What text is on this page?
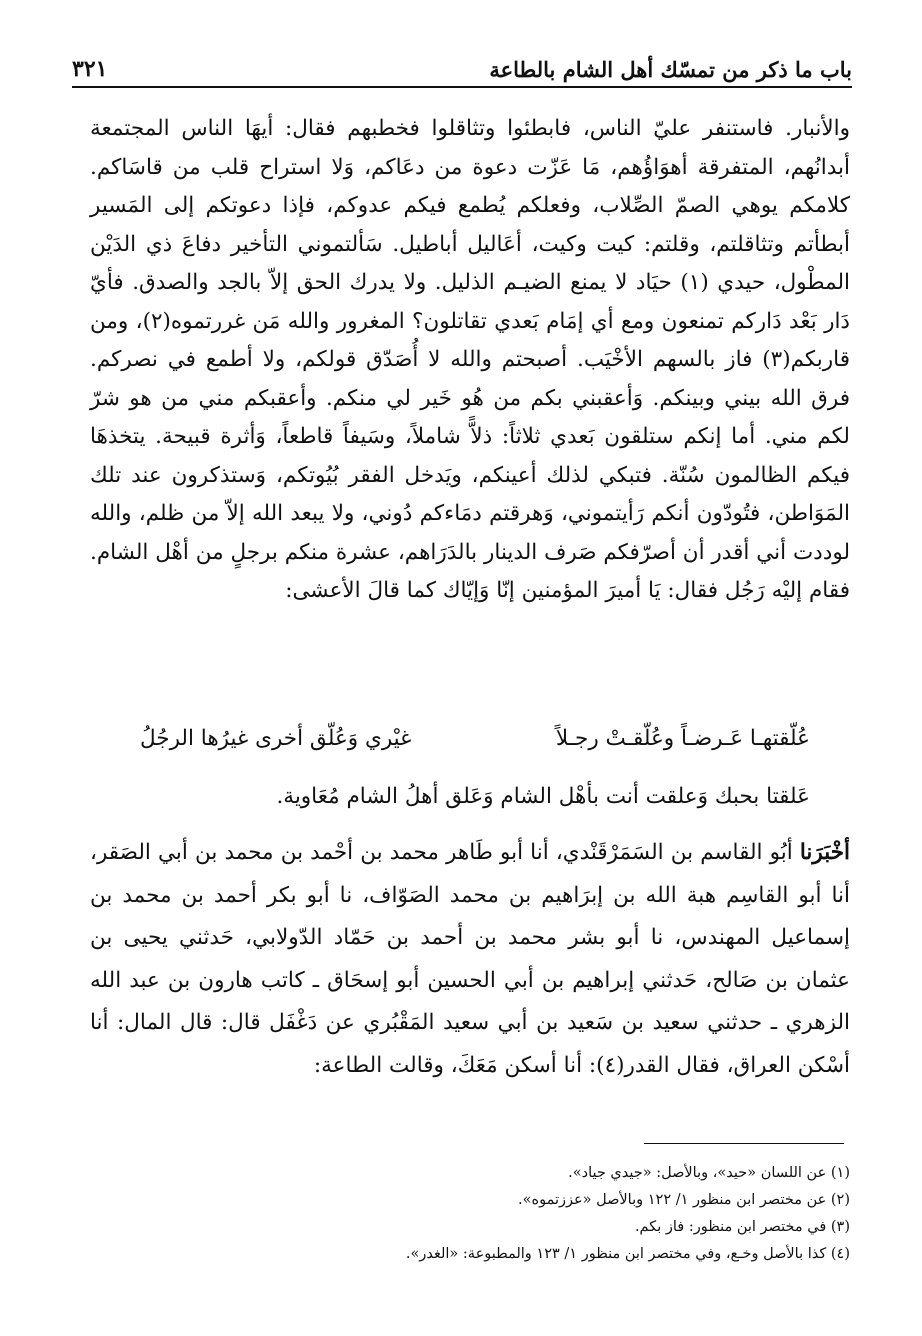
٣٢١	باب ما ذكر من تمسّك أهل الشام بالطاعة

والأنبار. فاستنفر عليّ الناس، فابطئوا وتثاقلوا فخطبهم فقال: أيهَا الناس المجتمعة أبدانُهم، المتفرقة أهوَاؤُهم، مَا عَزّت دعوة من دعَاكم، وَلا استراح قلب من قاسَاكم. كلامكم يوهي الصمّ الصِّلاب، وفعلكم يُطمع فيكم عدوكم، فإذا دعوتكم إلى المَسير أبطأتم وتثاقلتم، وقلتم: كيت وكيت، أعَاليل أباطيل. سَألتموني التأخير دفاعَ ذي الدَيْن المطْول، حيدي (١) حيَاد لا يمنع الضيـم الذليل. ولا يدرك الحق إلاّ بالجد والصدق. فأيّ دَار بَعْد دَاركم تمنعون ومع أي إمَام بَعدي تقاتلون؟ المغرور والله مَن غررتموه(٢)، ومن قاربكم(٣) فاز بالسهم الأخْيَب. أصبحتم والله لا أُصَدّق قولكم، ولا أطمع في نصركم. فرق الله بيني وبينكم. وَأعقبني بكم من هُو خَير لي منكم. وأعقبكم مني من هو شرّ لكم مني. أما إنكم ستلقون بَعدي ثلاثاً: ذلاًّ شاملاً، وسَيفاً قاطعاً، وَأثرة قبيحة. يتخذهَا فيكم الظالمون سُنّة. فتبكي لذلك أعينكم، ويَدخل الفقر بُيُوتكم، وَستذكرون عند تلك المَوَاطن، فتُودّون أنكم رَأيتموني، وَهرقتم دمَاءكم دُوني، ولا يبعد الله إلاّ من ظلم، والله لوددت أني أقدر أن أصرّفكم صَرف الدينار بالدَرَاهم، عشرة منكم برجلٍ من أهْل الشام. فقام إليْه رَجُل فقال: يَا أميرَ المؤمنين إنّا وَإيّاك كما قالَ الأعشى:

عُلّقتهـا عَـرضـاً وعُلّقـتْ رجـلاً
غيْري وَعُلّق أخرى غيرُها الرجُلُ
عَلقتا بحبك وَعلقت أنت بأهْل الشام وَعَلق أهلُ الشام مُعَاوية.
أخْبَرَنا أبُو القاسم بن السَمَرْقَنْدي، أنا أبو طَاهر محمد بن أحْمد بن محمد بن أبي الصَقر، أنا أبو القاسِم هبة الله بن إبرَاهيم بن محمد الصَوّاف، نا أبو بكر أحمد بن محمد بن إسماعيل المهندس، نا أبو بشر محمد بن أحمد بن حَمّاد الدّولابي، حَدثني يحيى بن عثمان بن صَالح، حَدثني إبراهيم بن أبي الحسين أبو إسحَاق ـ كاتب هارون بن عبد الله الزهري ـ حدثني سعيد بن سَعيد بن أبي سعيد المَقْبُري عن دَغْفَل قال: قال المال: أنا أسْكن العراق، فقال القدر(٤): أنا أسكن مَعَكَ، وقالت الطاعة:

(١) عن اللسان «حيد»، وبالأصل: «جيدي جياد».

(٢) عن مختصر ابن منظور ١/ ١٢٢ وبالأصل «عززتموه».

(٣) في مختصر ابن منظور: فاز بكم.

(٤) كذا بالأصل وخـع، وفي مختصر ابن منظور ١/ ١٢٣ والمطبوعة: «الغدر».
